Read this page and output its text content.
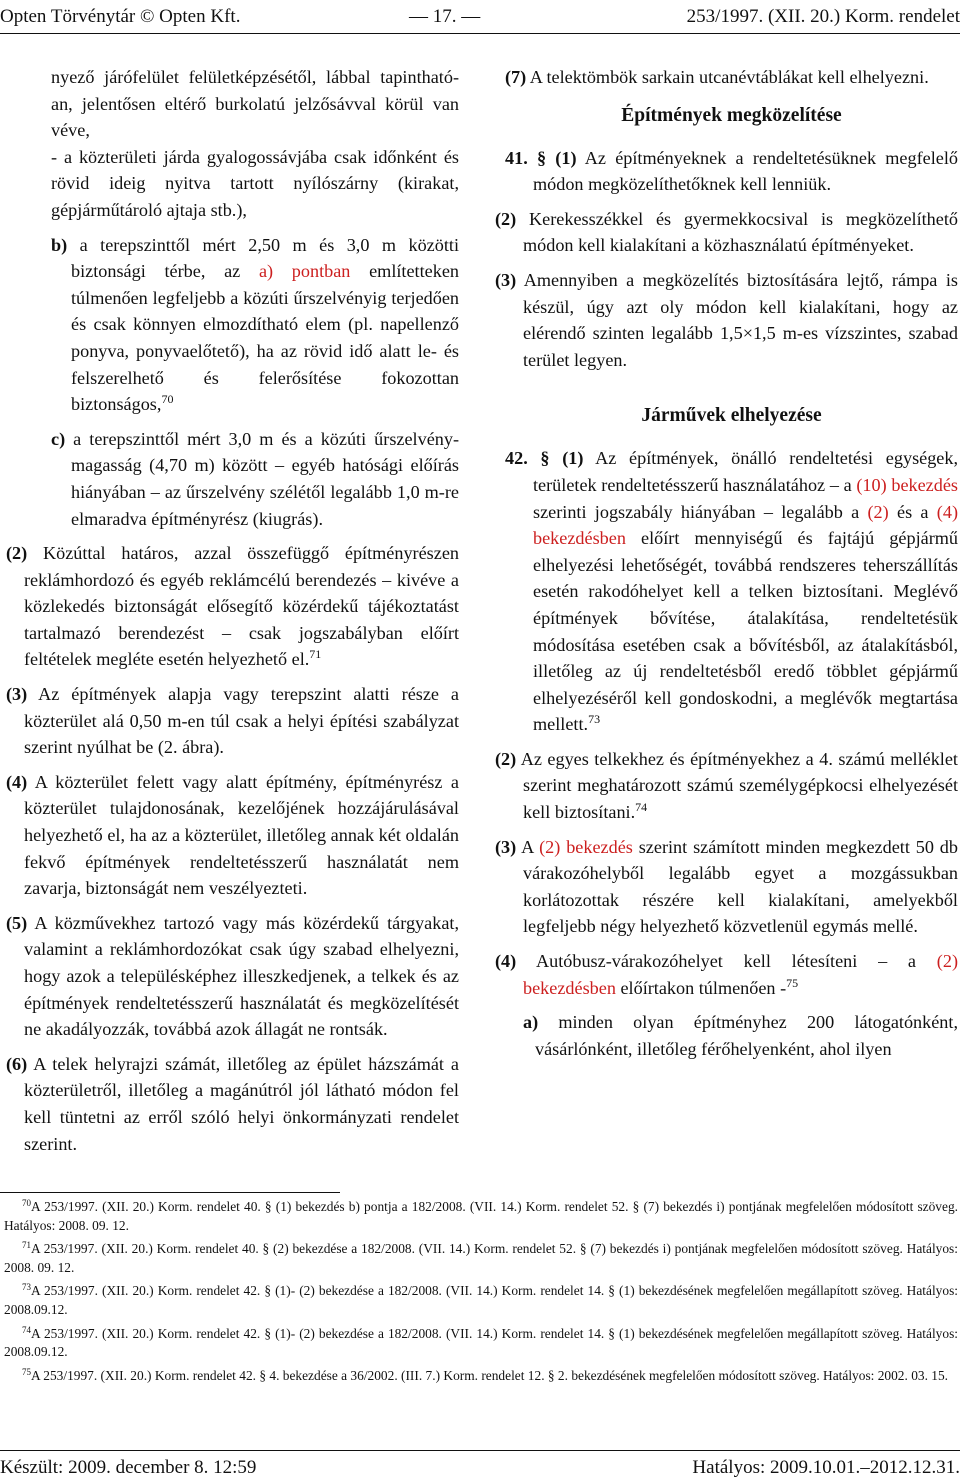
Opten Törvénytár © Opten Kft.	— 17. —	253/1997. (XII. 20.) Korm. rendelet

nyező járófelület felületképzésétől, lábbal tapintható-an, jelentősen eltérő burkolatú jelzősávval körül van véve,
- a közterületi járda gyalogossávjába csak időnként és rövid ideig nyitva tartott nyílószárny (kirakat, gépjárműtároló ajtaja stb.),

b) a terepszinttől mért 2,50 m és 3,0 m közötti biztonsági térbe, az a) pontban említetteken túlmenően legfeljebb a közúti űrszelvényig terjedően és csak könnyen elmozdítható elem (pl. napellenző ponyva, ponyvaelőtető), ha az rövid idő alatt le- és felszerelhető és felerősítése fokozottan biztonságos,$^{70}$

c) a terepszinttől mért 3,0 m és a közúti űrszelvény-magasság (4,70 m) között – egyéb hatósági előírás hiányában – az űrszelvény szélétől legalább 1,0 m-re elmaradva építményrész (kiugrás).

(2) Közúttal határos, azzal összefüggő építményrészen reklámhordozó és egyéb reklámcélú berendezés – kivéve a közlekedés biztonságát elősegítő közérdekű tájékoztatást tartalmazó berendezést – csak jogszabályban előírt feltételek megléte esetén helyezhető el.$^{71}$

(3) Az építmények alapja vagy terepszint alatti része a közterület alá 0,50 m-en túl csak a helyi építési szabályzat szerint nyúlhat be (2. ábra).

(4) A közterület felett vagy alatt építmény, építményrész a közterület tulajdonosának, kezelőjének hozzájárulásával helyezhető el, ha az a közterület, illetőleg annak két oldalán fekvő építmények rendeltetésszerű használatát nem zavarja, biztonságát nem veszélyezteti.

(5) A közművekhez tartozó vagy más közérdekű tárgyakat, valamint a reklámhordozókat csak úgy szabad elhelyezni, hogy azok a településképhez illeszkedjenek, a telkek és az építmények rendeltetésszerű használatát és megközelítését ne akadályozzák, továbbá azok állagát ne rontsák.

(6) A telek helyrajzi számát, illetőleg az épület házszámát a közterületről, illetőleg a magánútról jól látható módon fel kell tüntetni az erről szóló helyi önkormányzati rendelet szerint.

(7) A telektömbök sarkain utcanévtáblákat kell elhelyezni.

Építmények megközelítése

41. § (1) Az építményeknek a rendeltetésüknek megfelelő módon megközelíthetőknek kell lenniük.

(2) Kerekesszékkel és gyermekkocsival is megközelíthető módon kell kialakítani a közhasználatú építményeket.

(3) Amennyiben a megközelítés biztosítására lejtő, rámpa is készül, úgy azt oly módon kell kialakítani, hogy az elérendő szinten legalább 1,5×1,5 m-es vízszintes, szabad terület legyen.

Járművek elhelyezése

42. § (1) Az építmények, önálló rendeltetési egységek, területek rendeltetésszerű használatához – a (10) bekezdés szerinti jogszabály hiányában – legalább a (2) és a (4) bekezdésben előírt mennyiségű és fajtájú gépjármű elhelyezési lehetőségét, továbbá rendszeres teherszállítás esetén rakodóhelyet kell a telken biztosítani. Meglévő építmények bővítése, átalakítása, rendeltetésük módosítása esetében csak a bővítésből, az átalakításból, illetőleg az új rendeltetésből eredő többlet gépjármű elhelyezéséről kell gondoskodni, a meglévők megtartása mellett.$^{73}$

(2) Az egyes telkekhez és építményekhez a 4. számú melléklet szerint meghatározott számú személygépkocsi elhelyezését kell biztosítani.$^{74}$

(3) A (2) bekezdés szerint számított minden megkezdett 50 db várakozóhelyből legalább egyet a mozgássukban korlátozottak részére kell kialakítani, amelyekből legfeljebb négy helyezhető közvetlenül egymás mellé.

(4) Autóbusz-várakozóhelyet kell létesíteni – a (2) bekezdésben előírtakon túlmenően -$^{75}$

a) minden olyan építményhez 200 látogatónként, vásárlónként, illetőleg férőhelyenként, ahol ilyen

$^{70}$A 253/1997. (XII. 20.) Korm. rendelet 40. § (1) bekezdés b) pontja a 182/2008. (VII. 14.) Korm. rendelet 52. § (7) bekezdés i) pontjának megfelelően módosított szöveg. Hatályos: 2008. 09. 12.

$^{71}$A 253/1997. (XII. 20.) Korm. rendelet 40. § (2) bekezdése a 182/2008. (VII. 14.) Korm. rendelet 52. § (7) bekezdés i) pontjának megfelelően módosított szöveg. Hatályos: 2008. 09. 12.

$^{73}$A 253/1997. (XII. 20.) Korm. rendelet 42. § (1)- (2) bekezdése a 182/2008. (VII. 14.) Korm. rendelet 14. § (1) bekezdésének megfelelően megállapított szöveg. Hatályos: 2008.09.12.

$^{74}$A 253/1997. (XII. 20.) Korm. rendelet 42. § (1)- (2) bekezdése a 182/2008. (VII. 14.) Korm. rendelet 14. § (1) bekezdésének megfelelően megállapított szöveg. Hatályos: 2008.09.12.

$^{75}$A 253/1997. (XII. 20.) Korm. rendelet 42. § 4. bekezdése a 36/2002. (III. 7.) Korm. rendelet 12. § 2. bekezdésének megfelelően módosított szöveg. Hatályos: 2002. 03. 15.

Készült: 2009. december 8. 12:59	Hatályos: 2009.10.01.–2012.12.31.
